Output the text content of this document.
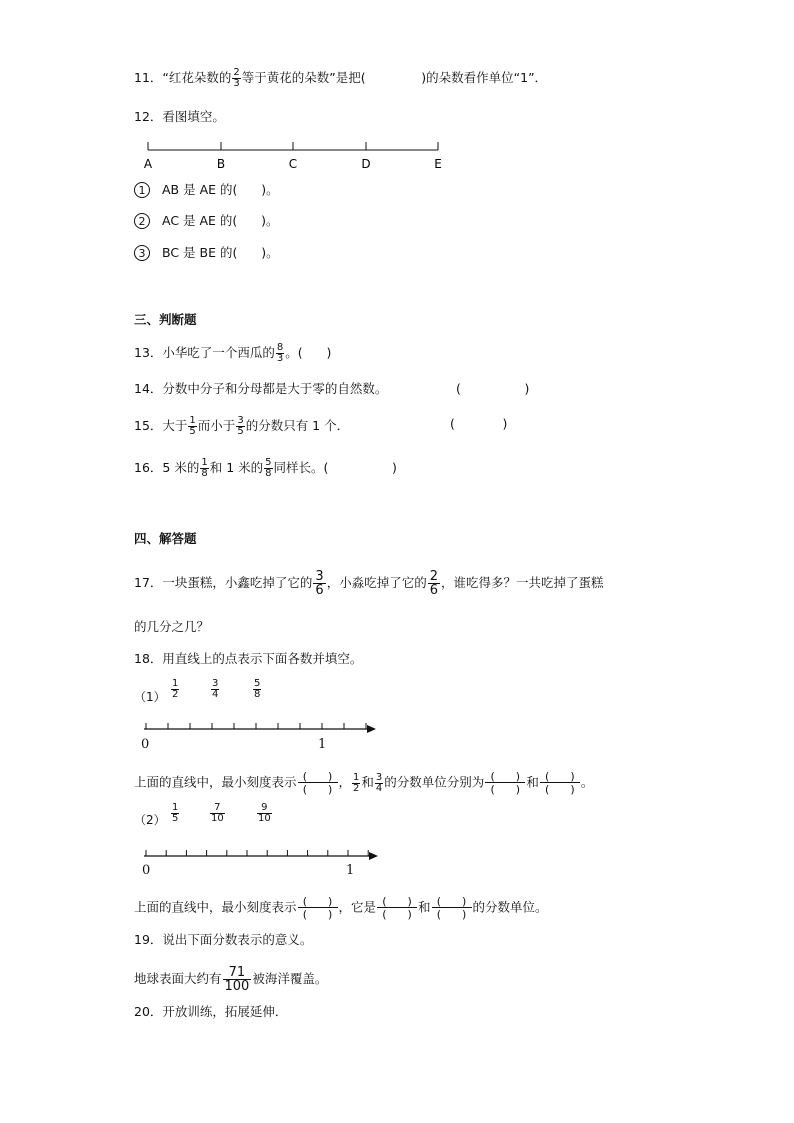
11．“红花朵数的 $\frac{2}{3}$ 等于黄花的朵数”是把(	)的朵数看作单位“1”．
12．看图填空。
A	B	C	D	E
1 AB 是 AE 的(      )。
2 AC 是 AE 的(      )。
3 BC 是 BE 的(      )。
三、判断题
13．小华吃了一个西瓜的 $\frac{8}{3}$ 。(      )
14．分数中分子和分母都是大于零的自然数。	(                )
15．大于 $\frac{1}{5}$ 而小于 $\frac{3}{5}$ 的分数只有 1 个．	(            )
16．5 米的 $\frac{1}{8}$ 和 1 米的 $\frac{5}{8}$ 同样长。(                )
四、解答题
17．一块蛋糕，小鑫吃掉了它的 $\frac{3}{6}$ ，小淼吃掉了它的 $\frac{2}{6}$ ，谁吃得多？一共吃掉了蛋糕
的几分之几？
18．用直线上的点表示下面各数并填空。
$(1) \frac{1}{2}$	$\frac{3}{4}$	$\frac{5}{8}$
0	1
上面的直线中，最小刻度表示 (      )
(      ) ， $\frac{1}{2}$ 和 $\frac{3}{4}$ 的分数单位分别为 (      )
(      ) 和 (      )
(      ) 。
$(2) \frac{1}{5}$	$\frac{7}{10}$	$\frac{9}{10}$
0	1
上面的直线中，最小刻度表示 (      )
(      ) ，它是 (      )
(      ) 和 (      )
(      ) 的分数单位。
19．说出下面分数表示的意义。
地球表面大约有 $\frac{71}{100}$ 被海洋覆盖。
20．开放训练，拓展延伸．
